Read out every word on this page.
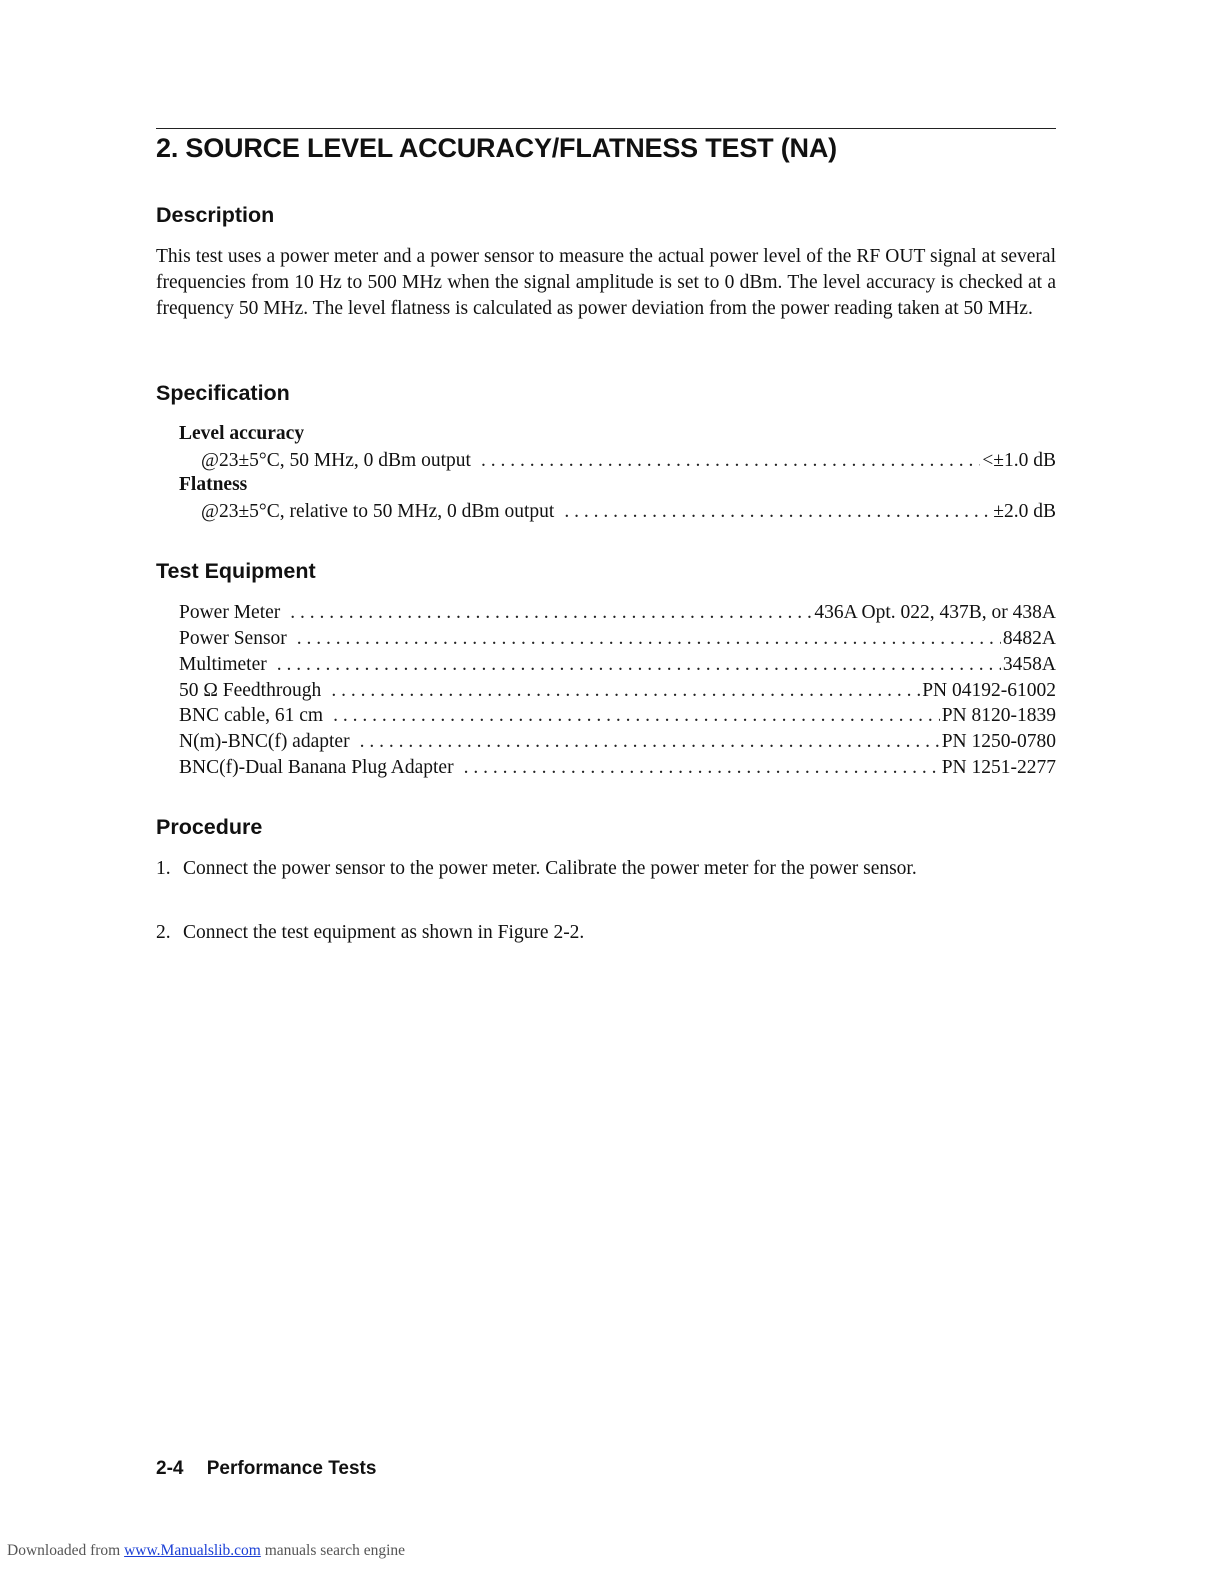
2. SOURCE LEVEL ACCURACY/FLATNESS TEST (NA)
Description

This test uses a power meter and a power sensor to measure the actual power level of the RF OUT signal at several frequencies from 10 Hz to 500 MHz when the signal amplitude is set to 0 dBm. The level accuracy is checked at a frequency 50 MHz. The level flatness is calculated as power deviation from the power reading taken at 50 MHz.

Specification
Level accuracy
@23±5°C, 50 MHz, 0 dBm output . . .	<±1.0 dB
Flatness
@23±5°C, relative to 50 MHz, 0 dBm output . . .	±2.0 dB
Test Equipment
Power Meter . . .	436A Opt. 022, 437B, or 438A
Power Sensor . . .	8482A
Multimeter . . .	3458A
50 Ω Feedthrough . . .	PN 04192-61002
BNC cable, 61 cm . . .	PN 8120-1839
N(m)-BNC(f) adapter . . .	PN 1250-0780
BNC(f)-Dual Banana Plug Adapter . . .	PN 1251-2277
Procedure
1. Connect the power sensor to the power meter. Calibrate the power meter for the power sensor.
2. Connect the test equipment as shown in Figure 2-2.
2-4 Performance Tests
Downloaded from www.Manualslib.com manuals search engine
